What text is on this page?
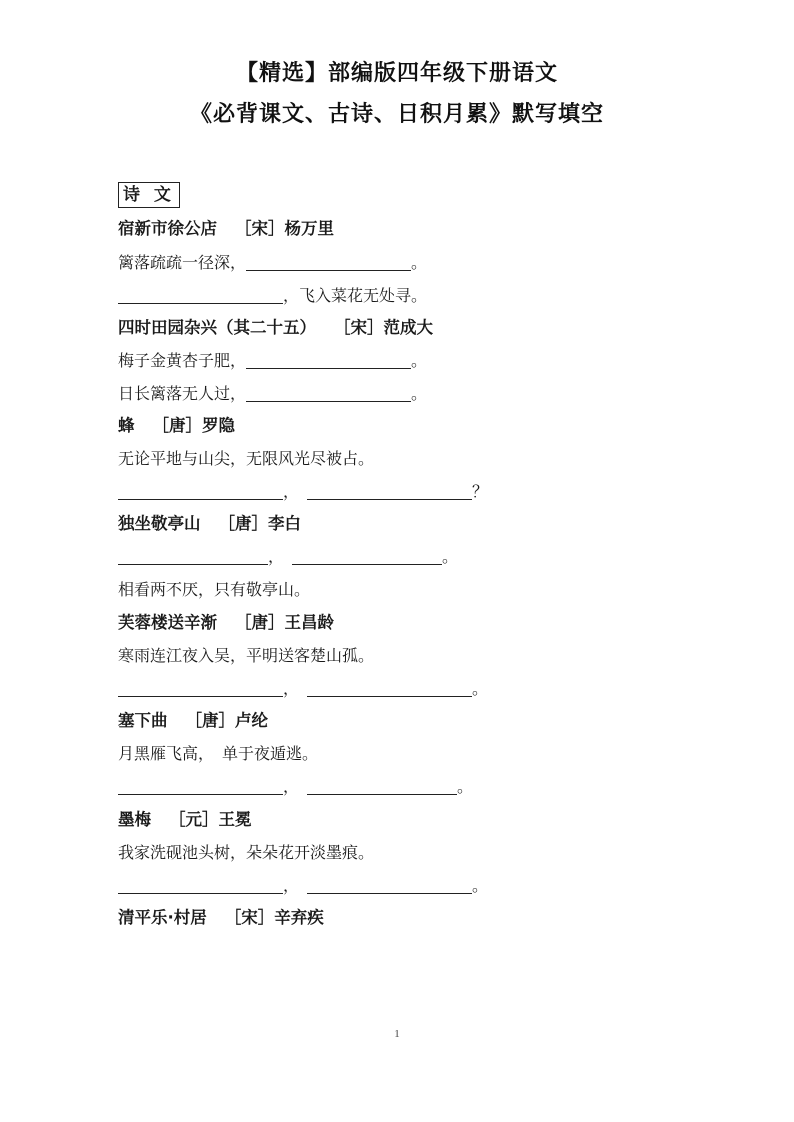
【精选】部编版四年级下册语文
《必背课文、古诗、日积月累》默写填空
诗 文
宿新市徐公店 ［宋］杨万里
篱落疏疏一径深，	。
，飞入菜花无处寻。
四时田园杂兴（其二十五） ［宋］范成大
梅子金黄杏子肥，	。
日长篱落无人过，	。
蜂 ［唐］罗隐
无论平地与山尖，无限风光尽被占。
，	？
独坐敬亭山 ［唐］李白
，	。
相看两不厌，只有敬亭山。
芙蓉楼送辛渐 ［唐］王昌龄
寒雨连江夜入吴，平明送客楚山孤。
，	。
塞下曲 ［唐］卢纶
月黑雁飞高，　单于夜遁逃。
，	。
墨梅 ［元］王冕
我家洗砚池头树，朵朵花开淡墨痕。
，	。
清平乐·村居 ［宋］辛弃疾
1
